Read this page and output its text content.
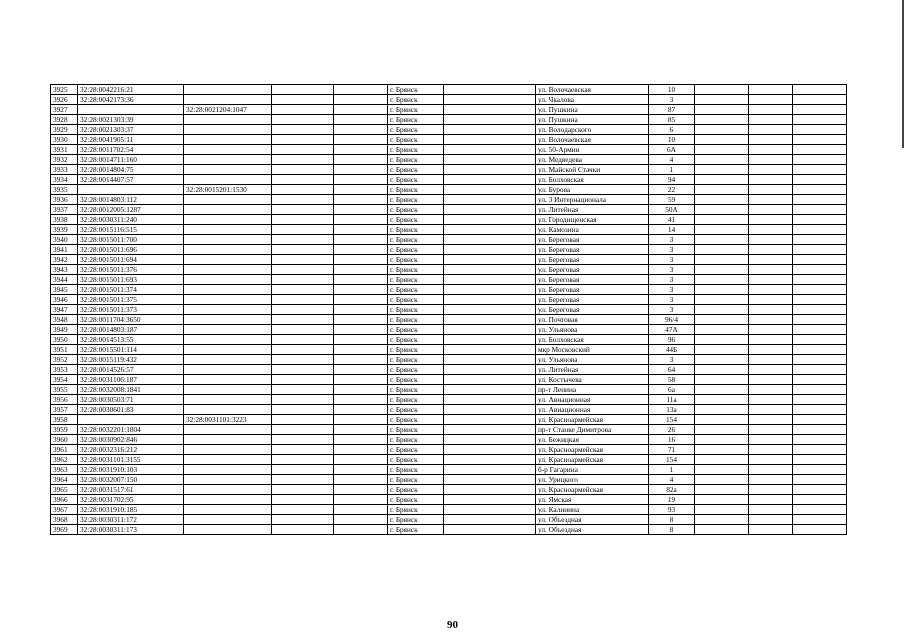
3925	32:28:0042216:21				г. Брянск		ул. Волочаевская	10			
3926	32:28:0042173:36				г. Брянск		ул. Чкалова	3			
3927		32:28:0021204:1047			г. Брянск		ул. Пушкина	87			
3928	32:28:0021303:39				г. Брянск		ул. Пушкина	85			
3929	32:28:0021303:37				г. Брянск		ул. Володарского	6			
3930	32:28:0041905:11				г. Брянск		ул. Волочаевская	10			
3931	32:28:0011702:54				г. Брянск		ул. 50-Армии	6А			
3932	32:28:0014711:160				г. Брянск		ул. Медведева	4			
3933	32:28:0014804:75				г. Брянск		ул. Майской Стачки	1			
3934	32:28:0014407:57				г. Брянск		ул. Болховская	94			
3935		32:28:0015201:1530			г. Брянск		ул. Бурова	22			
3936	32:28:0014803:112				г. Брянск		ул. 3 Интернационала	59			
3937	32:28:0012005:1287				г. Брянск		ул. Литейная	50А			
3938	32:28:0030311:240				г. Брянск		ул. Городищенская	41			
3939	32:28:0015116:515				г. Брянск		ул. Камозина	14			
3940	32:28:0015011:700				г. Брянск		ул. Береговая	3			
3941	32:28:0015011:696				г. Брянск		ул. Береговая	3			
3942	32:28:0015011:694				г. Брянск		ул. Береговая	3			
3943	32:28:0015011:376				г. Брянск		ул. Береговая	3			
3944	32:28:0015011:693				г. Брянск		ул. Береговая	3			
3945	32:28:0015011:374				г. Брянск		ул. Береговая	3			
3946	32:28:0015011:375				г. Брянск		ул. Береговая	3			
3947	32:28:0015011:373				г. Брянск		ул. Береговая	3			
3948	32:28:0011704:3650				г. Брянск		ул. Почтовая	96/4			
3949	32:28:0014803:187				г. Брянск		ул. Ульянова	47А			
3950	32:28:0014513:55				г. Брянск		ул. Болховская	96			
3951	32:28:0015501:114				г. Брянск		мкр Московский	44Б			
3952	32:28:0015119:432				г. Брянск		ул. Ульянова	3			
3953	32:28:0014526:57				г. Брянск		ул. Литейная	64			
3954	32:28:0031106:187				г. Брянск		ул. Костычева	58			
3955	32:28:0032008:1841				г. Брянск		пр-т Ленина	6а			
3956	32:28:0030503:71				г. Брянск		ул. Авиационная	11а			
3957	32:28:0030601:83				г. Брянск		ул. Авиационная	13а			
3958		32:28:0031101:3223			г. Брянск		ул. Красноармейская	154			
3959	32:28:0032201:1804				г. Брянск		пр-т Станке Димитрова	26			
3960	32:28:0030902:846				г. Брянск		ул. Бежицкая	16			
3961	32:28:0032316:212				г. Брянск		ул. Красноармейская	71			
3962	32:28:0031101:3155				г. Брянск		ул. Красноармейская	154			
3963	32:28:0031910:103				г. Брянск		б-р Гагарина	1			
3964	32:28:0032007:150				г. Брянск		ул. Урицкого	4			
3965	32:28:0031517:61				г. Брянск		ул. Красноармейская	82а			
3966	32:28:0031702:95				г. Брянск		ул. Ямская	19			
3967	32:28:0031910:185				г. Брянск		ул. Калинина	93			
3968	32:28:0030311:172				г. Брянск		ул. Объездная	8			
3969	32:28:0030311:173				г. Брянск		ул. Объездная	8			
90
